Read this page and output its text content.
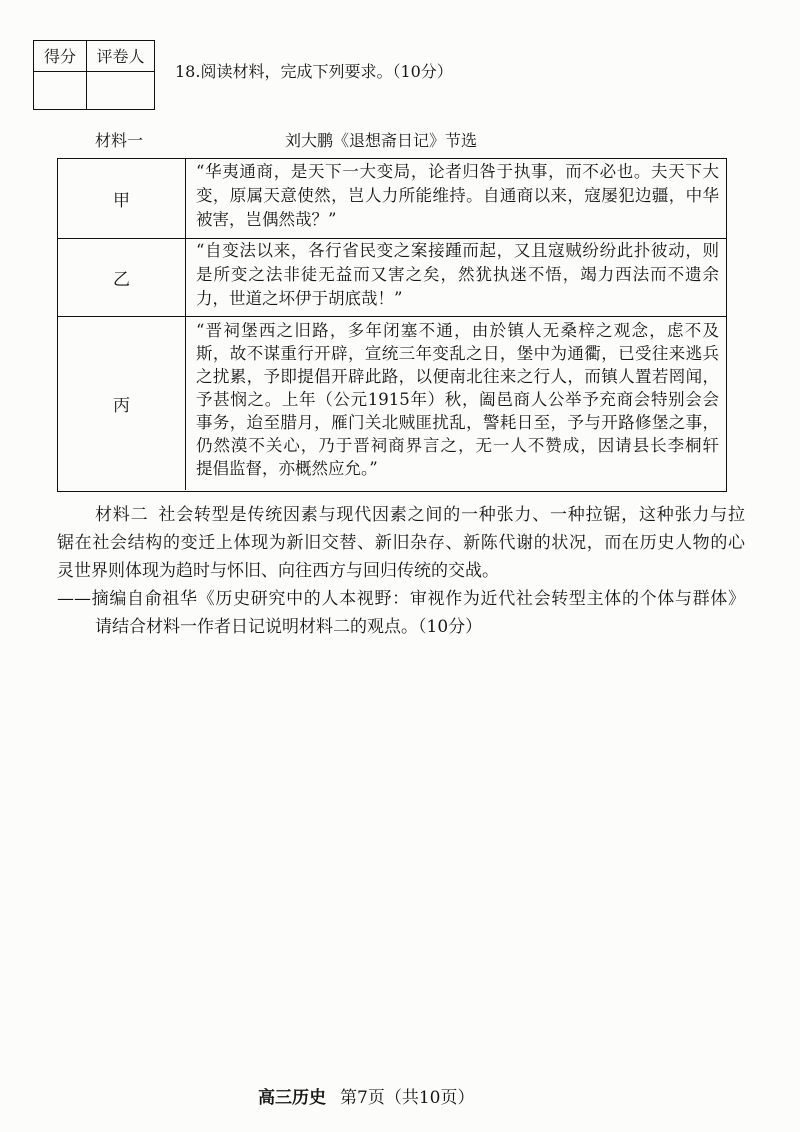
得分	评卷人

18.阅读材料，完成下列要求。（10分）
材料一	刘大鹏《退想斋日记》节选
甲
“华夷通商，是天下一大变局，论者归咎于执事，而不必也。夫天下大
变，原属天意使然，岂人力所能维持。自通商以来，寇屡犯边疆，中华
被害，岂偶然哉？”
乙
“自变法以来，各行省民变之案接踵而起，又且寇贼纷纷此扑彼动，则
是所变之法非徒无益而又害之矣，然犹执迷不悟，竭力西法而不遗余
力，世道之坏伊于胡底哉！”
丙
“晋祠堡西之旧路，多年闭塞不通，由於镇人无桑梓之观念，虑不及
斯，故不谋重行开辟，宣统三年变乱之日，堡中为通衢，已受往来逃兵
之扰累，予即提倡开辟此路，以便南北往来之行人，而镇人置若罔闻，
予甚悯之。上年（公元1915年）秋，阖邑商人公举予充商会特别会会
事务，迨至腊月，雁门关北贼匪扰乱，警耗日至，予与开路修堡之事，
仍然漠不关心，乃于晋祠商界言之，无一人不赞成，因请县长李桐轩
提倡监督，亦概然应允。”
材料二 社会转型是传统因素与现代因素之间的一种张力、一种拉锯，这种张力与拉
锯在社会结构的变迁上体现为新旧交替、新旧杂存、新陈代谢的状况，而在历史人物的心
灵世界则体现为趋时与怀旧、向往西方与回归传统的交战。
——摘编自俞祖华《历史研究中的人本视野：审视作为近代社会转型主体的个体与群体》
请结合材料一作者日记说明材料二的观点。（10分）
高三历史 第7页（共10页）
